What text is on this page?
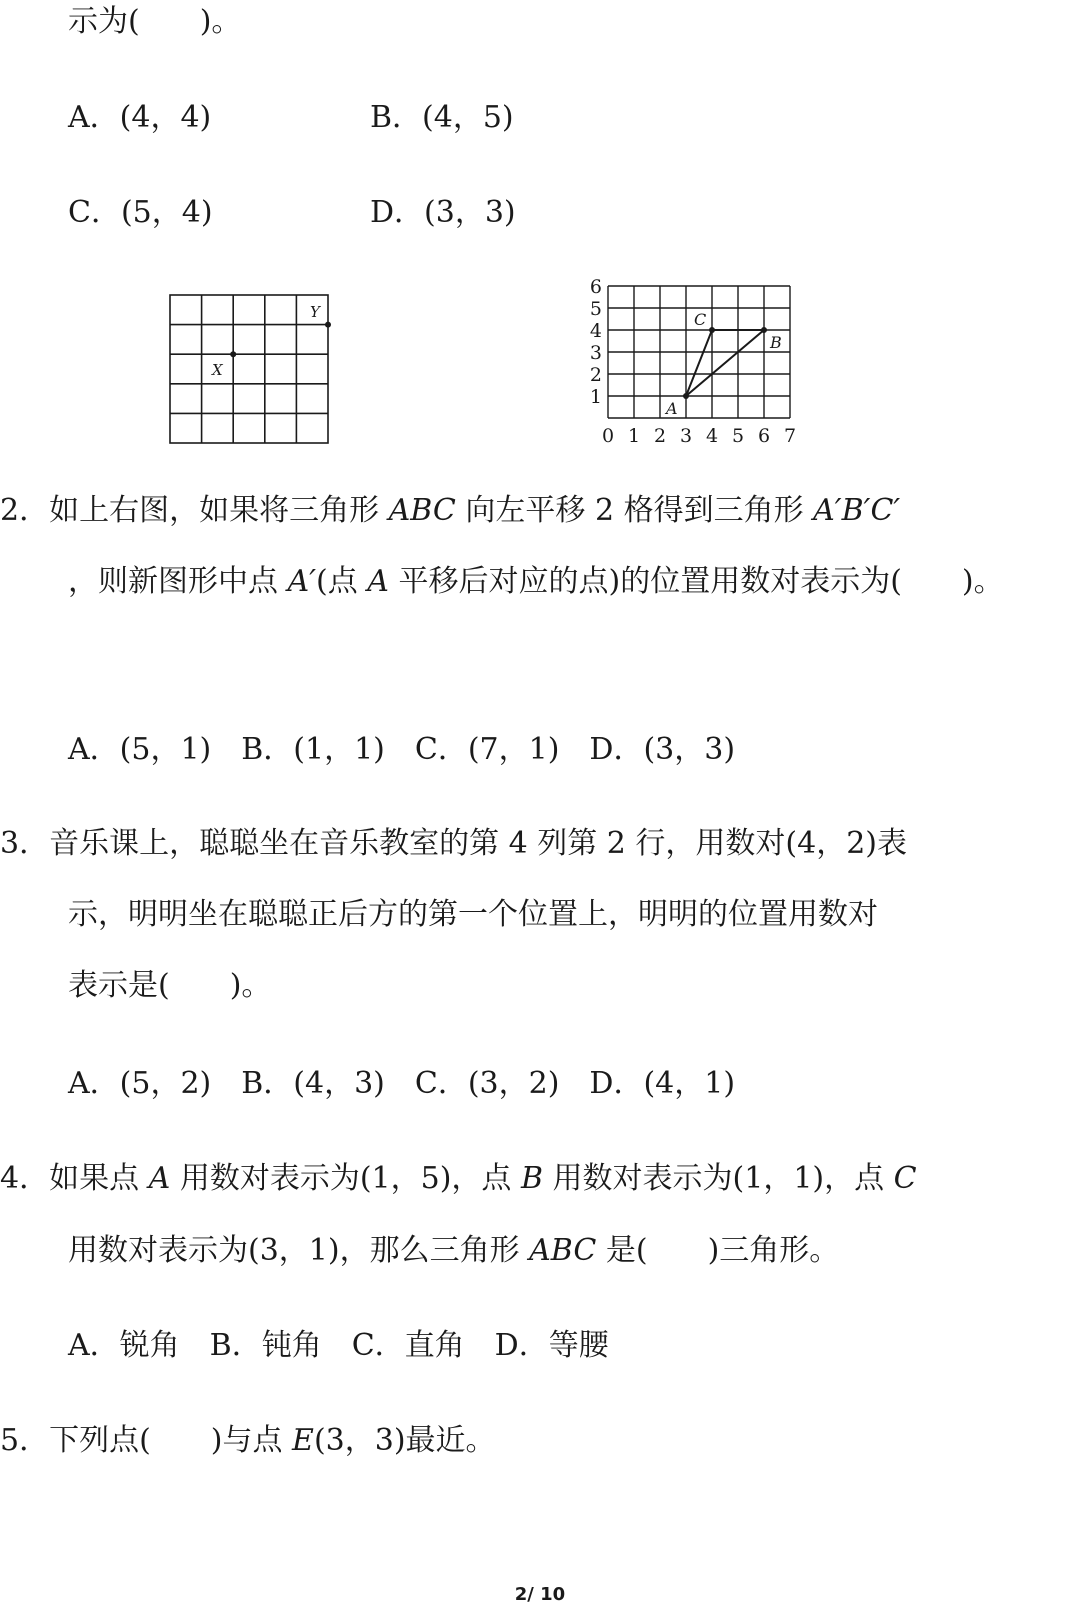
示为(　　)。
A．(4，4)	B．(4，5)
C．(5，4)	D．(3，3)
Y
X
0 1 2 3 4 5 6 7
6
5
4
3
2
1
A
B
C
2．如上右图，如果将三角形 ABC 向左平移 2 格得到三角形 A′B′C′
，则新图形中点 A′(点 A 平移后对应的点)的位置用数对表示为(　　)。
A．(5，1)　B．(1，1)　C．(7，1)　D．(3，3)
3．音乐课上，聪聪坐在音乐教室的第 4 列第 2 行，用数对(4，2)表
示，明明坐在聪聪正后方的第一个位置上，明明的位置用数对
表示是(　　)。
A．(5，2)　B．(4，3)　C．(3，2)　D．(4，1)
4．如果点 A 用数对表示为(1，5)，点 B 用数对表示为(1，1)，点 C
用数对表示为(3，1)，那么三角形 ABC 是(　　)三角形。
A．锐角　B．钝角　C．直角　D．等腰
5．下列点(　　)与点 E(3，3)最近。
2/ 10
